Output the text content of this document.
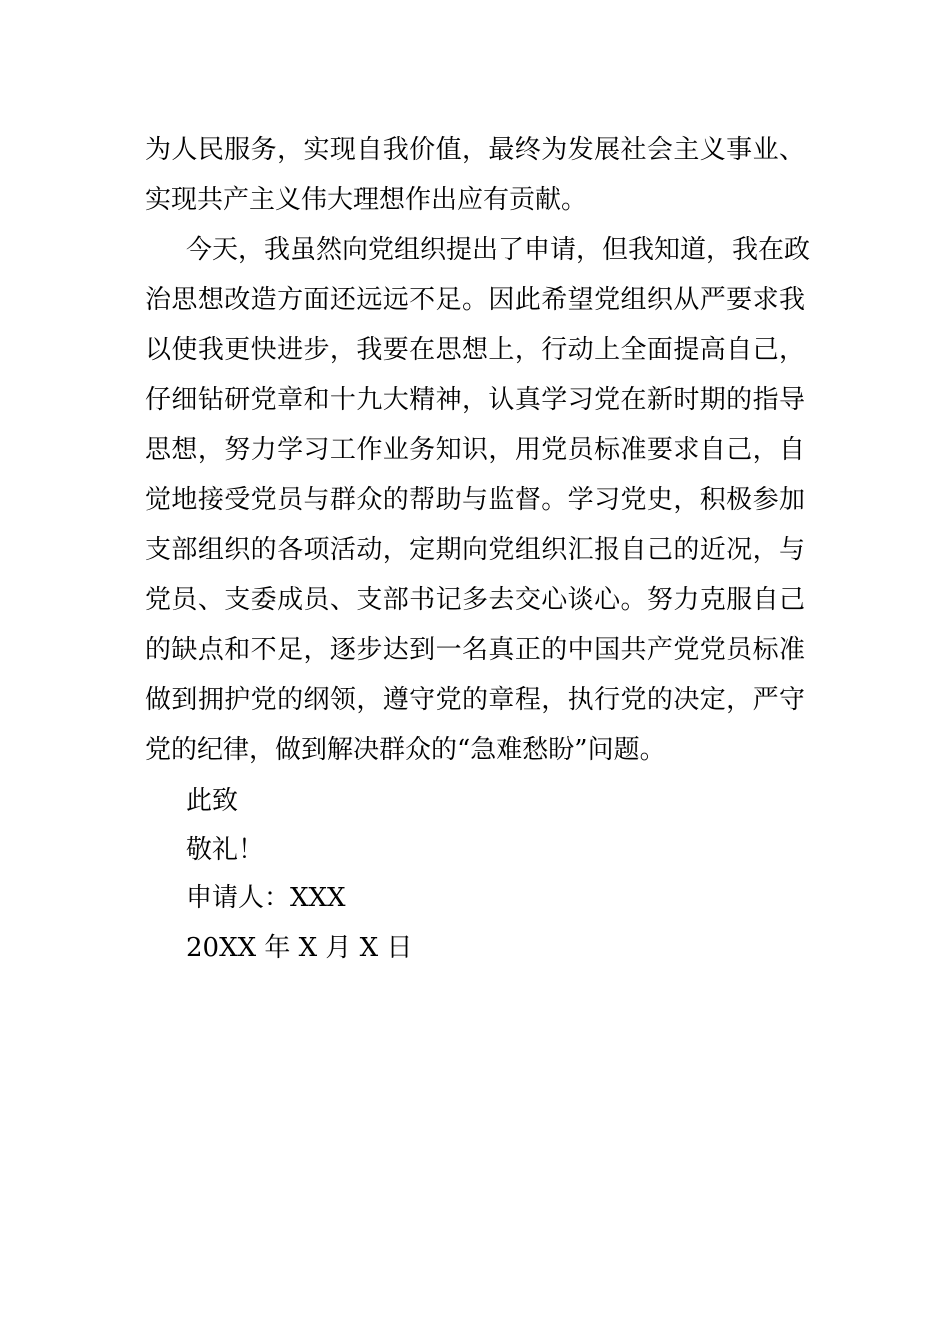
为人民服务，实现自我价值，最终为发展社会主义事业、
实现共产主义伟大理想作出应有贡献。
今天，我虽然向党组织提出了申请，但我知道，我在政
治思想改造方面还远远不足。因此希望党组织从严要求我
以使我更快进步，我要在思想上，行动上全面提高自己，
仔细钻研党章和十九大精神，认真学习党在新时期的指导
思想，努力学习工作业务知识，用党员标准要求自己，自
觉地接受党员与群众的帮助与监督。学习党史，积极参加
支部组织的各项活动，定期向党组织汇报自己的近况，与
党员、支委成员、支部书记多去交心谈心。努力克服自己
的缺点和不足，逐步达到一名真正的中国共产党党员标准
做到拥护党的纲领，遵守党的章程，执行党的决定，严守
党的纪律，做到解决群众的“急难愁盼”问题。
此致
敬礼！
申请人：XXX
20XX 年 X 月 X 日
